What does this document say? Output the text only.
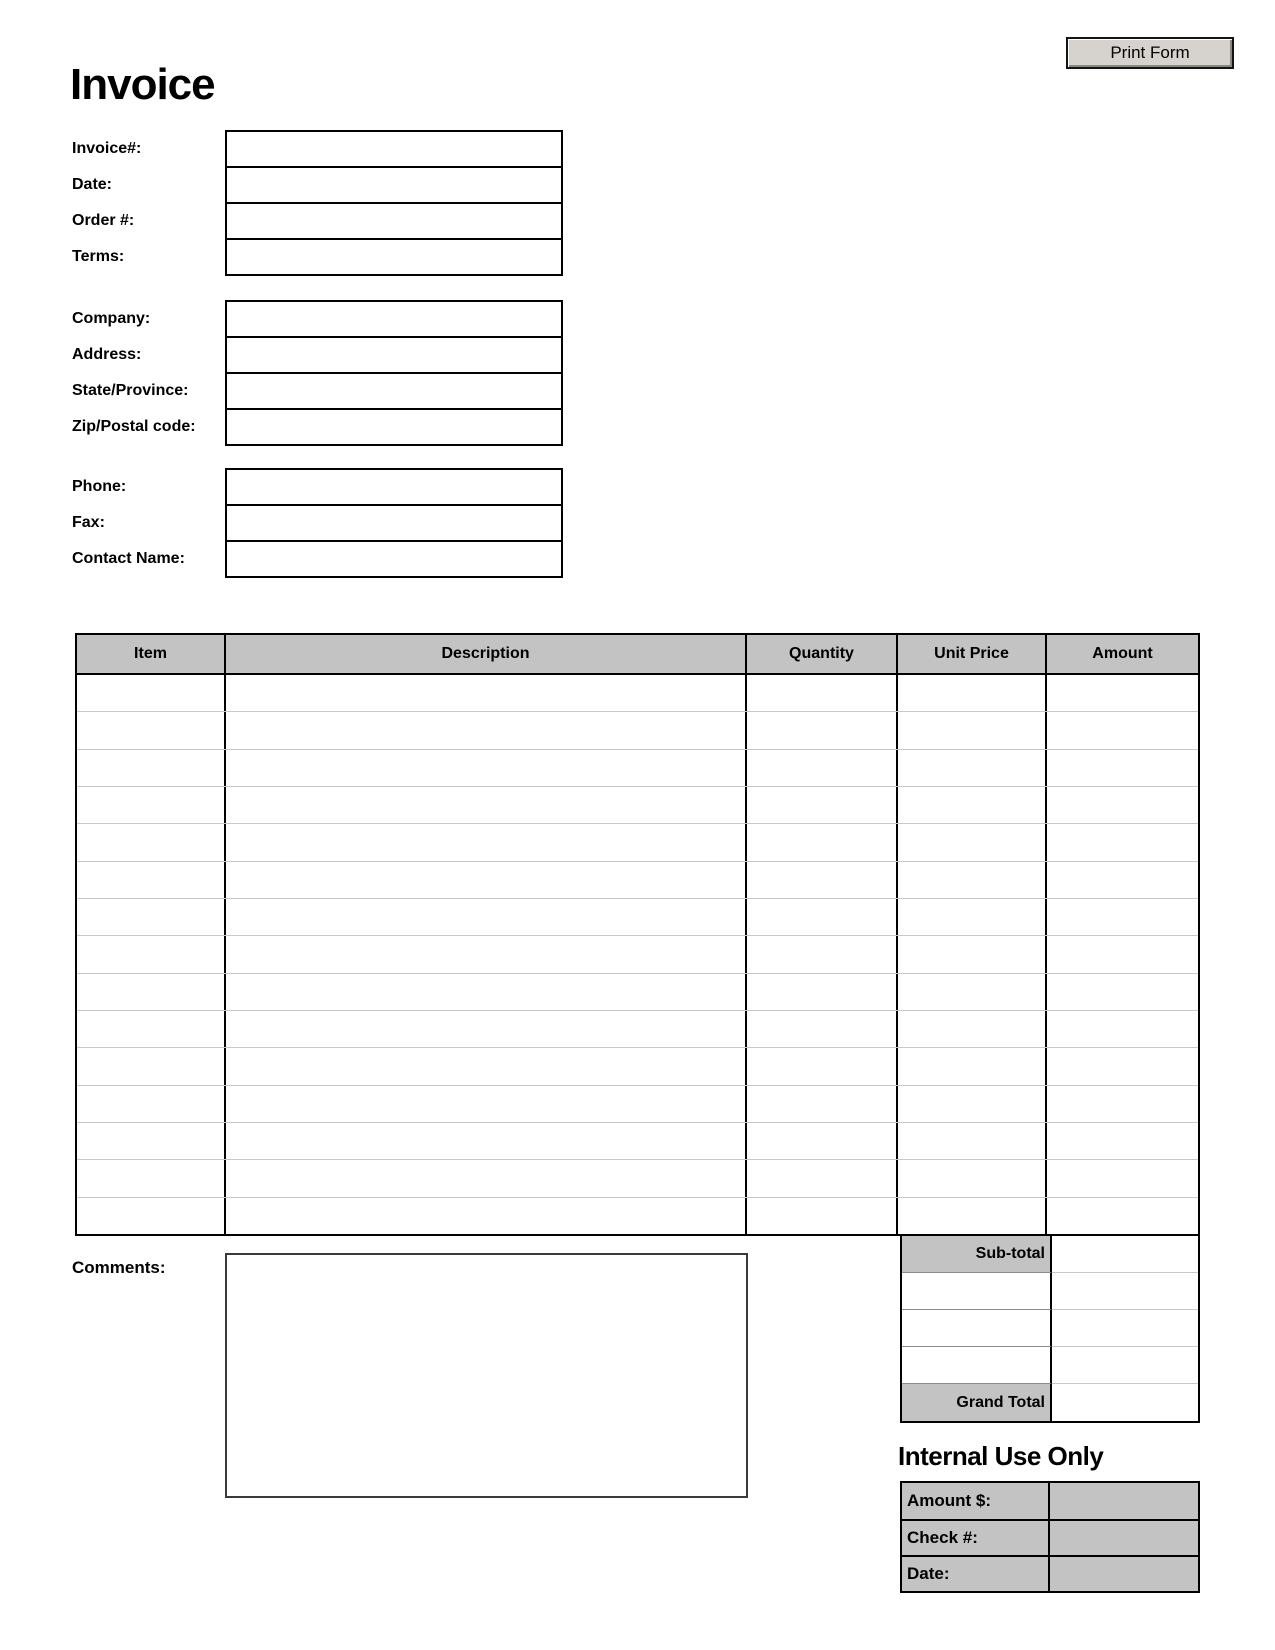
Print Form
Invoice
Invoice#:
Date:
Order #:
Terms:
Company:
Address:
State/Province:
Zip/Postal code:
Phone:
Fax:
Contact Name:
Item	Description	Quantity	Unit Price	Amount
Comments:
Sub-total
Grand Total
Internal Use Only
Amount $:
Check #:
Date:
